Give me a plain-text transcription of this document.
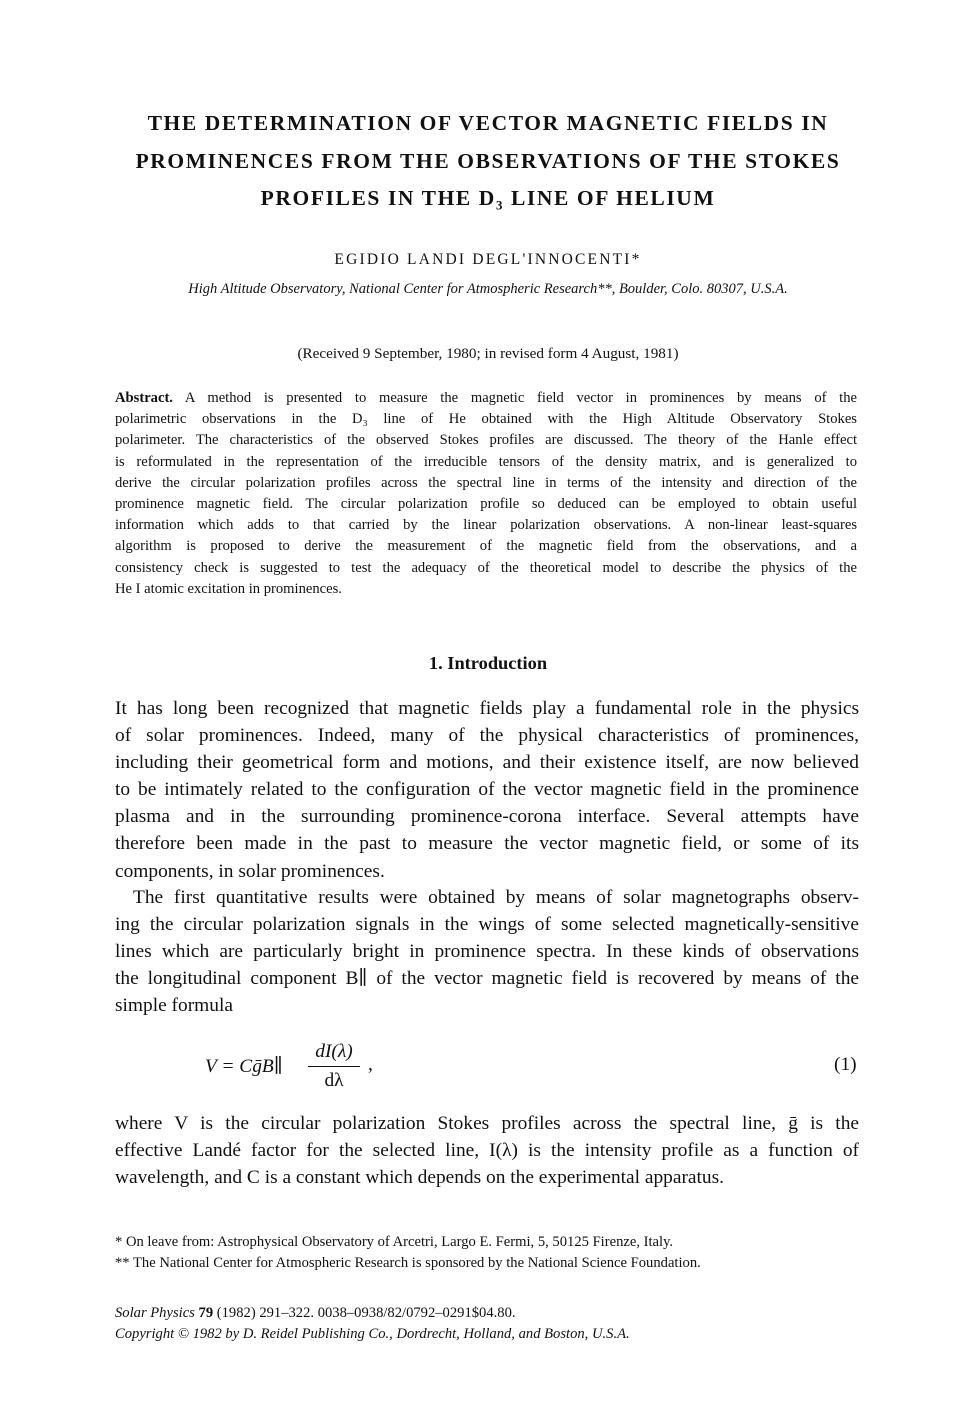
THE DETERMINATION OF VECTOR MAGNETIC FIELDS IN
PROMINENCES FROM THE OBSERVATIONS OF THE STOKES
PROFILES IN THE D₃ LINE OF HELIUM
EGIDIO LANDI DEGL'INNOCENTI*
High Altitude Observatory, National Center for Atmospheric Research**, Boulder, Colo. 80307, U.S.A.
(Received 9 September, 1980; in revised form 4 August, 1981)
Abstract. A method is presented to measure the magnetic field vector in prominences by means of the
polarimetric observations in the D₃ line of He obtained with the High Altitude Observatory Stokes
polarimeter. The characteristics of the observed Stokes profiles are discussed. The theory of the Hanle effect
is reformulated in the representation of the irreducible tensors of the density matrix, and is generalized to
derive the circular polarization profiles across the spectral line in terms of the intensity and direction of the
prominence magnetic field. The circular polarization profile so deduced can be employed to obtain useful
information which adds to that carried by the linear polarization observations. A non-linear least-squares
algorithm is proposed to derive the measurement of the magnetic field from the observations, and a
consistency check is suggested to test the adequacy of the theoretical model to describe the physics of the
He I atomic excitation in prominences.
1. Introduction
It has long been recognized that magnetic fields play a fundamental role in the physics
of solar prominences. Indeed, many of the physical characteristics of prominences,
including their geometrical form and motions, and their existence itself, are now believed
to be intimately related to the configuration of the vector magnetic field in the prominence
plasma and in the surrounding prominence-corona interface. Several attempts have
therefore been made in the past to measure the vector magnetic field, or some of its
components, in solar prominences.
The first quantitative results were obtained by means of solar magnetographs observ-
ing the circular polarization signals in the wings of some selected magnetically-sensitive
lines which are particularly bright in prominence spectra. In these kinds of observations
the longitudinal component B∥ of the vector magnetic field is recovered by means of the
simple formula
V = CḡB∥
dI(λ)
dλ
,	(1)
where V is the circular polarization Stokes profiles across the spectral line, ḡ is the
effective Landé factor for the selected line, I(λ) is the intensity profile as a function of
wavelength, and C is a constant which depends on the experimental apparatus.
* On leave from: Astrophysical Observatory of Arcetri, Largo E. Fermi, 5, 50125 Firenze, Italy.
** The National Center for Atmospheric Research is sponsored by the National Science Foundation.
Solar Physics 79 (1982) 291–322. 0038–0938/82/0792–0291$04.80.
Copyright © 1982 by D. Reidel Publishing Co., Dordrecht, Holland, and Boston, U.S.A.
